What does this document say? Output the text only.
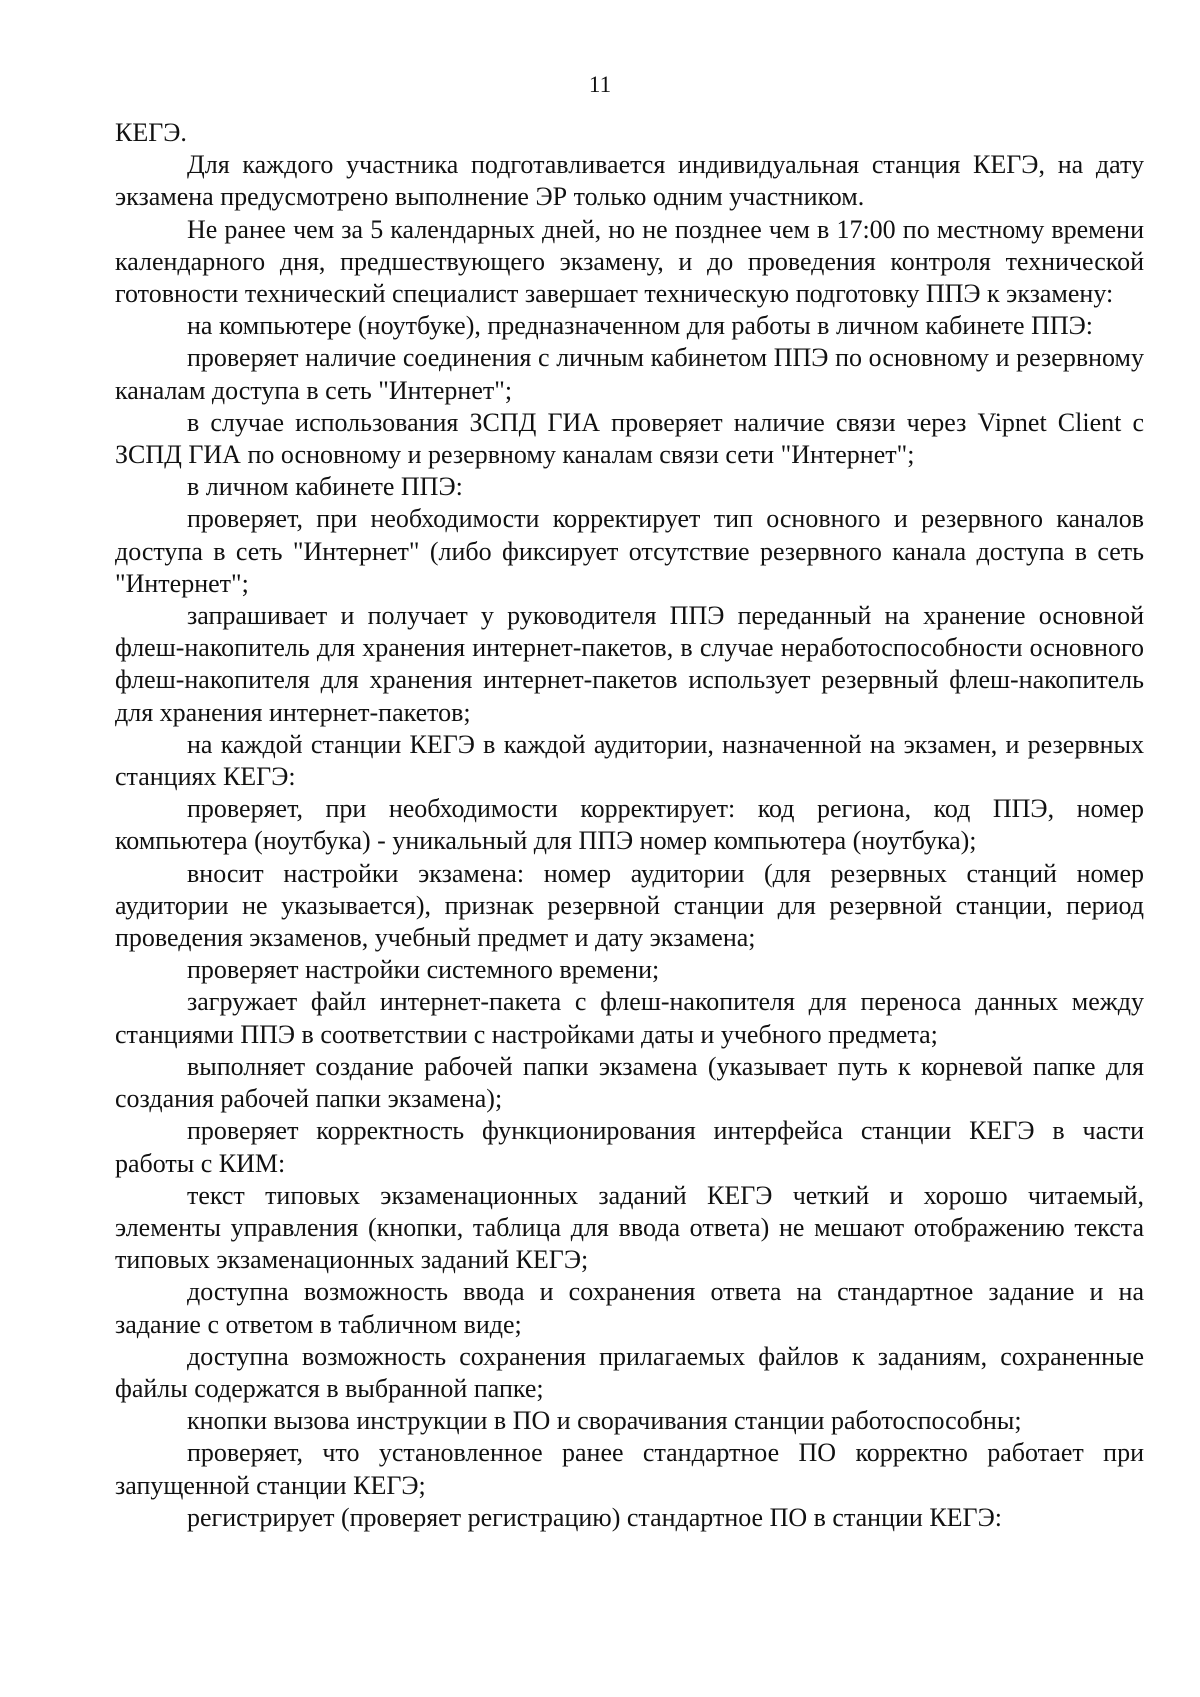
11

КЕГЭ.

Для каждого участника подготавливается индивидуальная станция КЕГЭ, на дату экзамена предусмотрено выполнение ЭР только одним участником.

Не ранее чем за 5 календарных дней, но не позднее чем в 17:00 по местному времени календарного дня, предшествующего экзамену, и до проведения контроля технической готовности технический специалист завершает техническую подготовку ППЭ к экзамену:

на компьютере (ноутбуке), предназначенном для работы в личном кабинете ППЭ:

проверяет наличие соединения с личным кабинетом ППЭ по основному и резервному каналам доступа в сеть "Интернет";

в случае использования ЗСПД ГИА проверяет наличие связи через Vipnet Client с ЗСПД ГИА по основному и резервному каналам связи сети "Интернет";

в личном кабинете ППЭ:

проверяет, при необходимости корректирует тип основного и резервного каналов доступа в сеть "Интернет" (либо фиксирует отсутствие резервного канала доступа в сеть "Интернет";

запрашивает и получает у руководителя ППЭ переданный на хранение основной флеш-накопитель для хранения интернет-пакетов, в случае неработоспособности основного флеш-накопителя для хранения интернет-пакетов использует резервный флеш-накопитель для хранения интернет-пакетов;

на каждой станции КЕГЭ в каждой аудитории, назначенной на экзамен, и резервных станциях КЕГЭ:

проверяет, при необходимости корректирует: код региона, код ППЭ, номер компьютера (ноутбука) - уникальный для ППЭ номер компьютера (ноутбука);

вносит настройки экзамена: номер аудитории (для резервных станций номер аудитории не указывается), признак резервной станции для резервной станции, период проведения экзаменов, учебный предмет и дату экзамена;

проверяет настройки системного времени;

загружает файл интернет-пакета с флеш-накопителя для переноса данных между станциями ППЭ в соответствии с настройками даты и учебного предмета;

выполняет создание рабочей папки экзамена (указывает путь к корневой папке для создания рабочей папки экзамена);

проверяет корректность функционирования интерфейса станции КЕГЭ в части работы с КИМ:

текст типовых экзаменационных заданий КЕГЭ четкий и хорошо читаемый, элементы управления (кнопки, таблица для ввода ответа) не мешают отображению текста типовых экзаменационных заданий КЕГЭ;

доступна возможность ввода и сохранения ответа на стандартное задание и на задание с ответом в табличном виде;

доступна возможность сохранения прилагаемых файлов к заданиям, сохраненные файлы содержатся в выбранной папке;

кнопки вызова инструкции в ПО и сворачивания станции работоспособны;

проверяет, что установленное ранее стандартное ПО корректно работает при запущенной станции КЕГЭ;

регистрирует (проверяет регистрацию) стандартное ПО в станции КЕГЭ:
